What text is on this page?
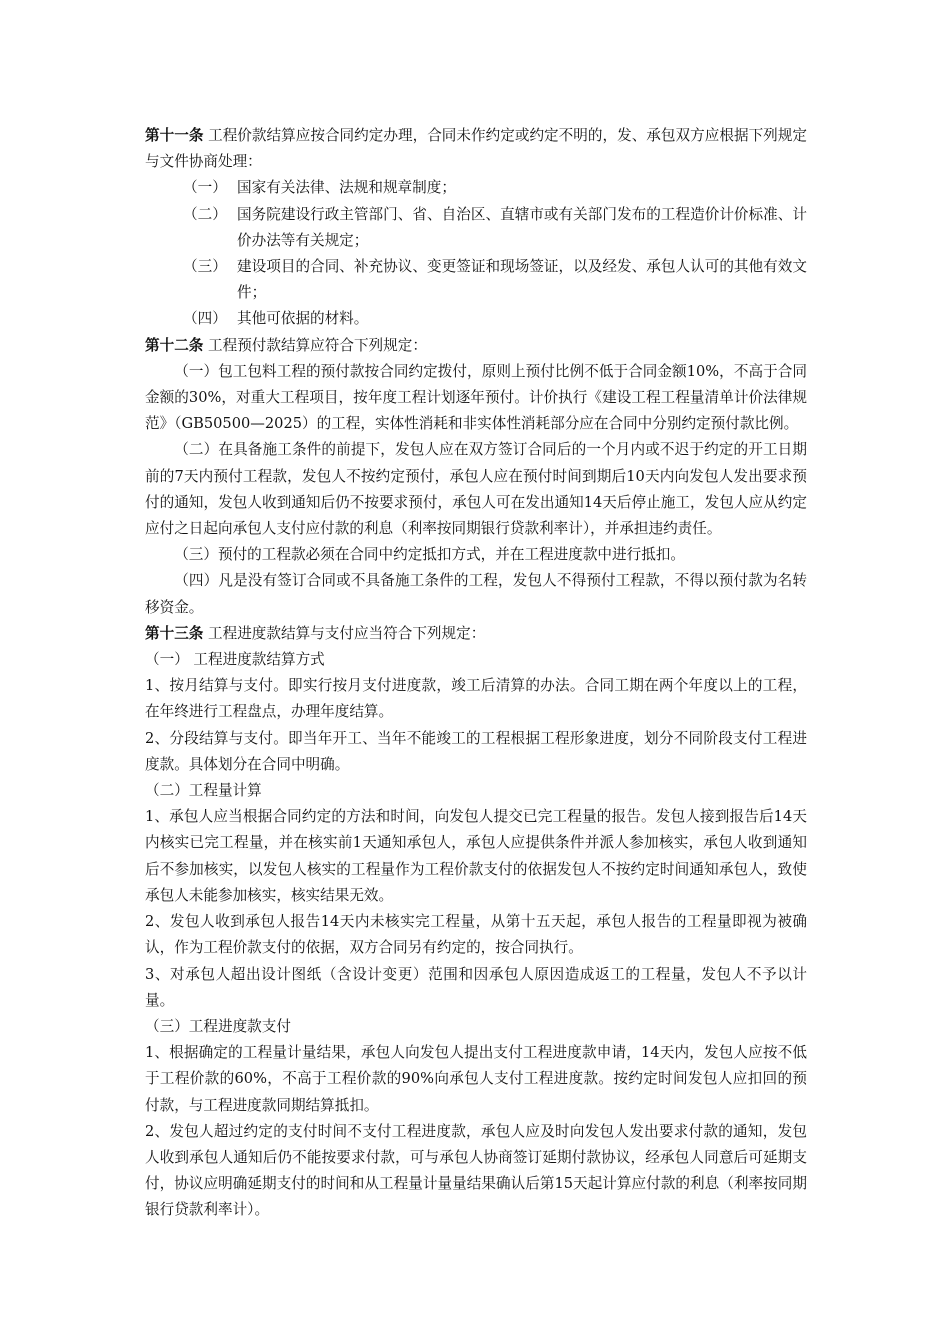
第十一条 工程价款结算应按合同约定办理，合同未作约定或约定不明的，发、承包双方应根据下列规定与文件协商处理：

（一） 国家有关法律、法规和规章制度；
（二） 国务院建设行政主管部门、省、自治区、直辖市或有关部门发布的工程造价计价标准、计价办法等有关规定；
（三） 建设项目的合同、补充协议、变更签证和现场签证，以及经发、承包人认可的其他有效文件；
（四） 其他可依据的材料。

第十二条 工程预付款结算应符合下列规定：

（一）包工包料工程的预付款按合同约定拨付，原则上预付比例不低于合同金额10%，不高于合同金额的30%，对重大工程项目，按年度工程计划逐年预付。计价执行《建设工程工程量清单计价法律规范》（GB50500—2025）的工程，实体性消耗和非实体性消耗部分应在合同中分别约定预付款比例。

（二）在具备施工条件的前提下，发包人应在双方签订合同后的一个月内或不迟于约定的开工日期前的7天内预付工程款，发包人不按约定预付，承包人应在预付时间到期后10天内向发包人发出要求预付的通知，发包人收到通知后仍不按要求预付，承包人可在发出通知14天后停止施工，发包人应从约定应付之日起向承包人支付应付款的利息（利率按同期银行贷款利率计），并承担违约责任。

（三）预付的工程款必须在合同中约定抵扣方式，并在工程进度款中进行抵扣。

（四）凡是没有签订合同或不具备施工条件的工程，发包人不得预付工程款，不得以预付款为名转移资金。

第十三条 工程进度款结算与支付应当符合下列规定：

（一） 工程进度款结算方式

1、按月结算与支付。即实行按月支付进度款，竣工后清算的办法。合同工期在两个年度以上的工程，在年终进行工程盘点，办理年度结算。

2、分段结算与支付。即当年开工、当年不能竣工的工程根据工程形象进度，划分不同阶段支付工程进度款。具体划分在合同中明确。

（二）工程量计算

1、承包人应当根据合同约定的方法和时间，向发包人提交已完工程量的报告。发包人接到报告后14天内核实已完工程量，并在核实前1天通知承包人，承包人应提供条件并派人参加核实，承包人收到通知后不参加核实，以发包人核实的工程量作为工程价款支付的依据发包人不按约定时间通知承包人，致使承包人未能参加核实，核实结果无效。

2、发包人收到承包人报告14天内未核实完工程量，从第十五天起，承包人报告的工程量即视为被确认，作为工程价款支付的依据，双方合同另有约定的，按合同执行。

3、对承包人超出设计图纸（含设计变更）范围和因承包人原因造成返工的工程量，发包人不予以计量。

（三）工程进度款支付

1、根据确定的工程量计量结果，承包人向发包人提出支付工程进度款申请，14天内，发包人应按不低于工程价款的60%，不高于工程价款的90%向承包人支付工程进度款。按约定时间发包人应扣回的预付款，与工程进度款同期结算抵扣。

2、发包人超过约定的支付时间不支付工程进度款，承包人应及时向发包人发出要求付款的通知，发包人收到承包人通知后仍不能按要求付款，可与承包人协商签订延期付款协议，经承包人同意后可延期支付，协议应明确延期支付的时间和从工程量计量量结果确认后第15天起计算应付款的利息（利率按同期银行贷款利率计）。
